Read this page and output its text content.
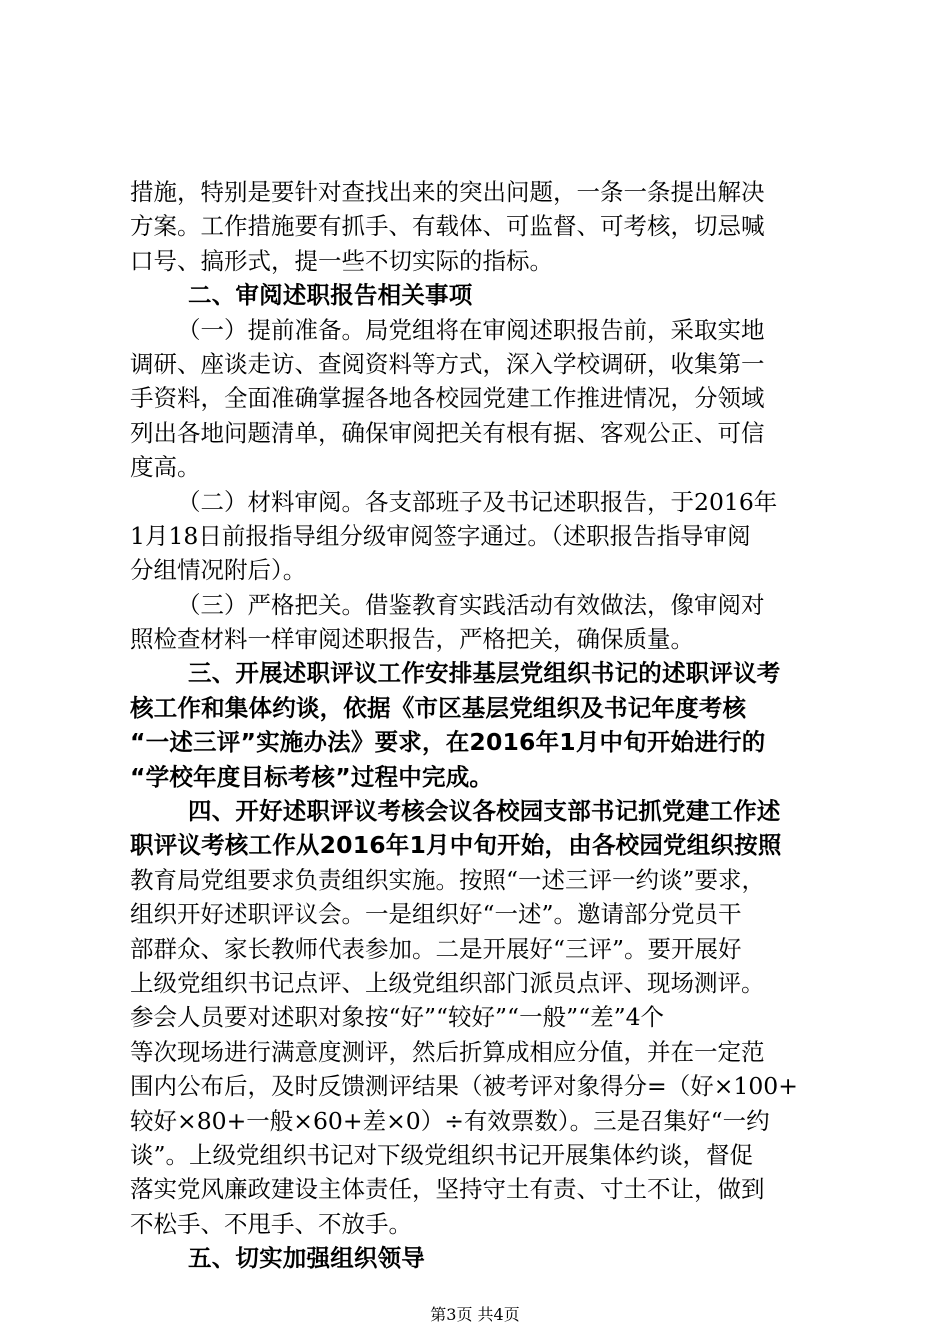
措施，特别是要针对查找出来的突出问题，一条一条提出解决
方案。工作措施要有抓手、有载体、可监督、可考核，切忌喊
口号、搞形式，提一些不切实际的指标。
二、审阅述职报告相关事项
（一）提前准备。局党组将在审阅述职报告前，采取实地
调研、座谈走访、查阅资料等方式，深入学校调研，收集第一
手资料，全面准确掌握各地各校园党建工作推进情况，分领域
列出各地问题清单，确保审阅把关有根有据、客观公正、可信
度高。
（二）材料审阅。各支部班子及书记述职报告，于2016年
1月18日前报指导组分级审阅签字通过。（述职报告指导审阅
分组情况附后）。
（三）严格把关。借鉴教育实践活动有效做法，像审阅对
照检查材料一样审阅述职报告，严格把关，确保质量。
三、开展述职评议工作安排基层党组织书记的述职评议考
核工作和集体约谈，依据《市区基层党组织及书记年度考核
“一述三评”实施办法》要求，在2016年1月中旬开始进行的
“学校年度目标考核”过程中完成。
四、开好述职评议考核会议各校园支部书记抓党建工作述
职评议考核工作从2016年1月中旬开始，由各校园党组织按照
教育局党组要求负责组织实施。按照“一述三评一约谈”要求，
组织开好述职评议会。一是组织好“一述”。邀请部分党员干
部群众、家长教师代表参加。二是开展好“三评”。要开展好
上级党组织书记点评、上级党组织部门派员点评、现场测评。
参会人员要对述职对象按“好”“较好”“一般”“差”4个
等次现场进行满意度测评，然后折算成相应分值，并在一定范
围内公布后，及时反馈测评结果（被考评对象得分=（好×100+
较好×80+一般×60+差×0）÷有效票数）。三是召集好“一约
谈”。上级党组织书记对下级党组织书记开展集体约谈，督促
落实党风廉政建设主体责任，坚持守土有责、寸土不让，做到
不松手、不甩手、不放手。
五、切实加强组织领导
第3页 共4页
